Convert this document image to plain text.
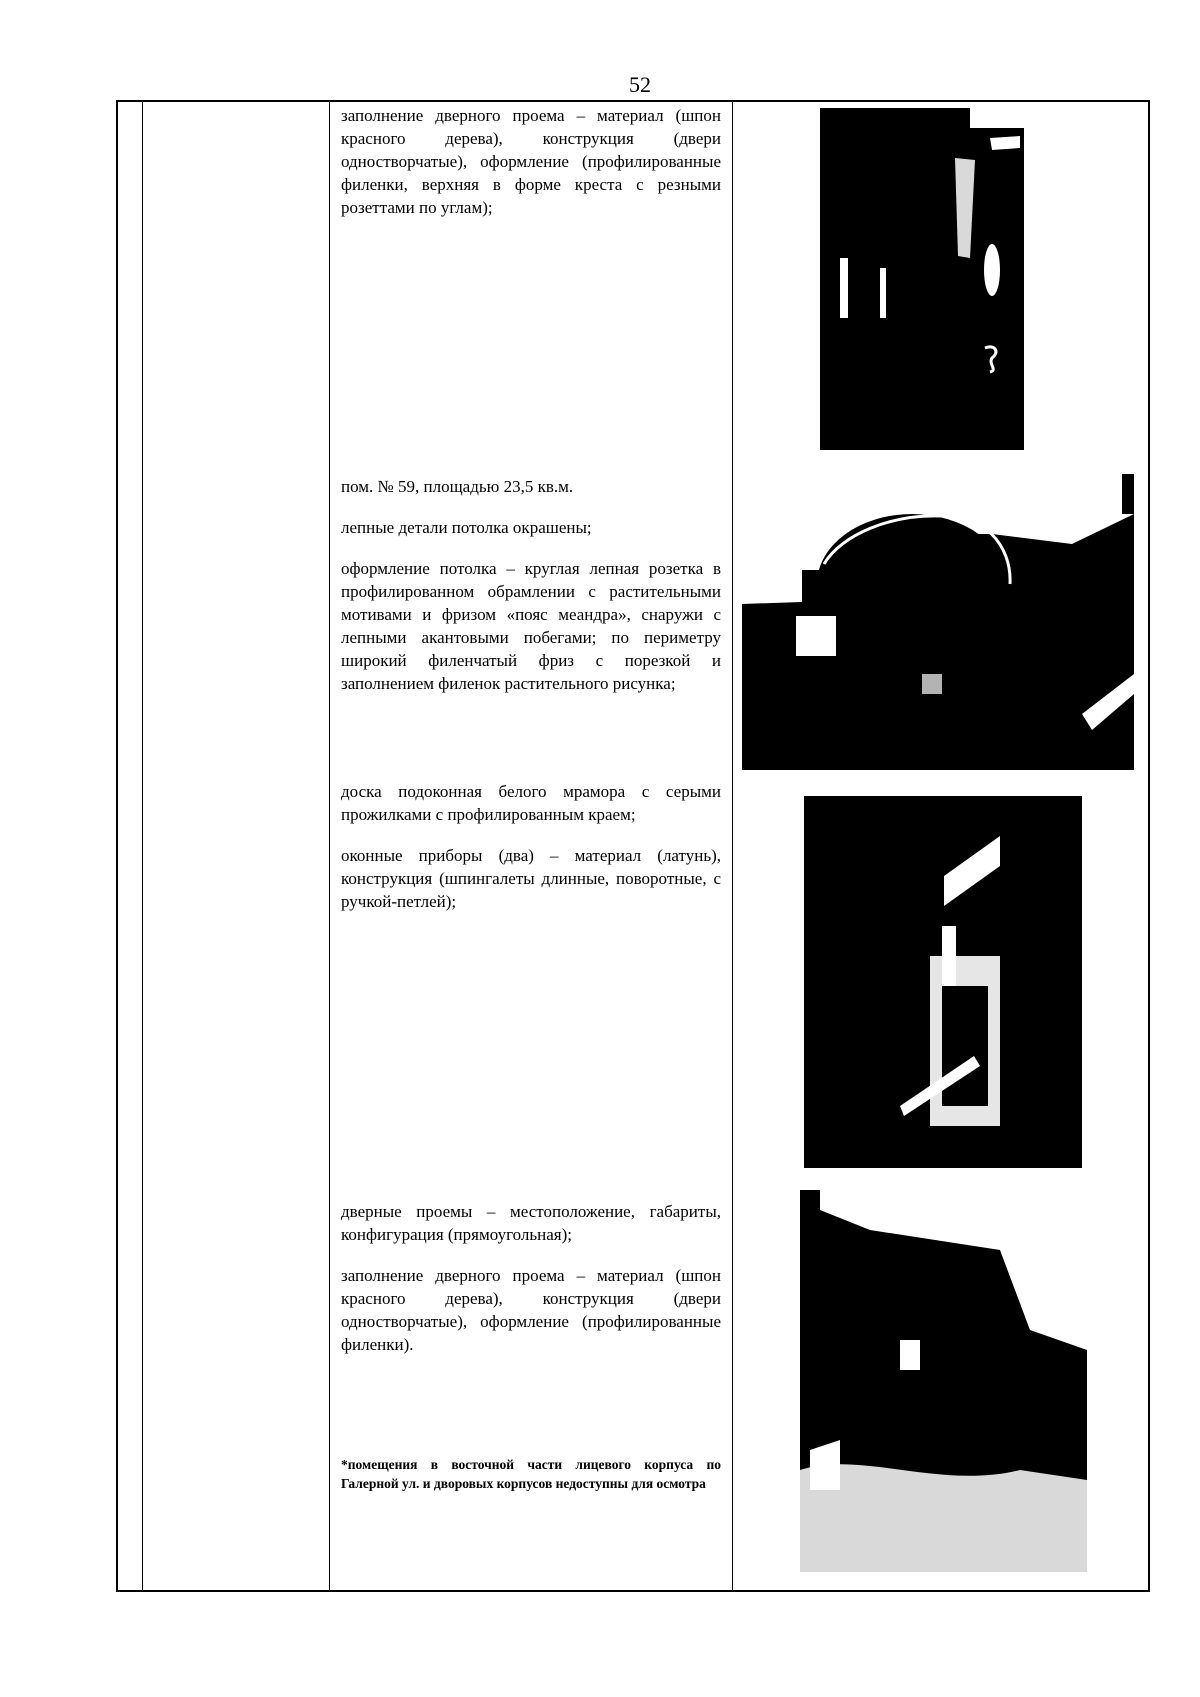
52

заполнение дверного проема – материал (шпон красного дерева), конструкция (двери одностворчатые), оформление (профилированные филенки, верхняя в форме креста с резными розеттами по углам);

пом. № 59, площадью 23,5 кв.м.

лепные детали потолка окрашены;

оформление потолка – круглая лепная розетка в профилированном обрамлении с растительными мотивами и фризом «пояс меандра», снаружи с лепными акантовыми побегами; по периметру широкий филенчатый фриз с порезкой и заполнением филенок растительного рисунка;

доска подоконная белого мрамора с серыми прожилками с профилированным краем;

оконные приборы (два) – материал (латунь), конструкция (шпингалеты длинные, поворотные, с ручкой-петлей);

дверные проемы – местоположение, габариты, конфигурация (прямоугольная);

заполнение дверного проема – материал (шпон красного дерева), конструкция (двери одностворчатые), оформление (профилированные филенки).

*помещения в восточной части лицевого корпуса по Галерной ул. и дворовых корпусов недоступны для осмотра
